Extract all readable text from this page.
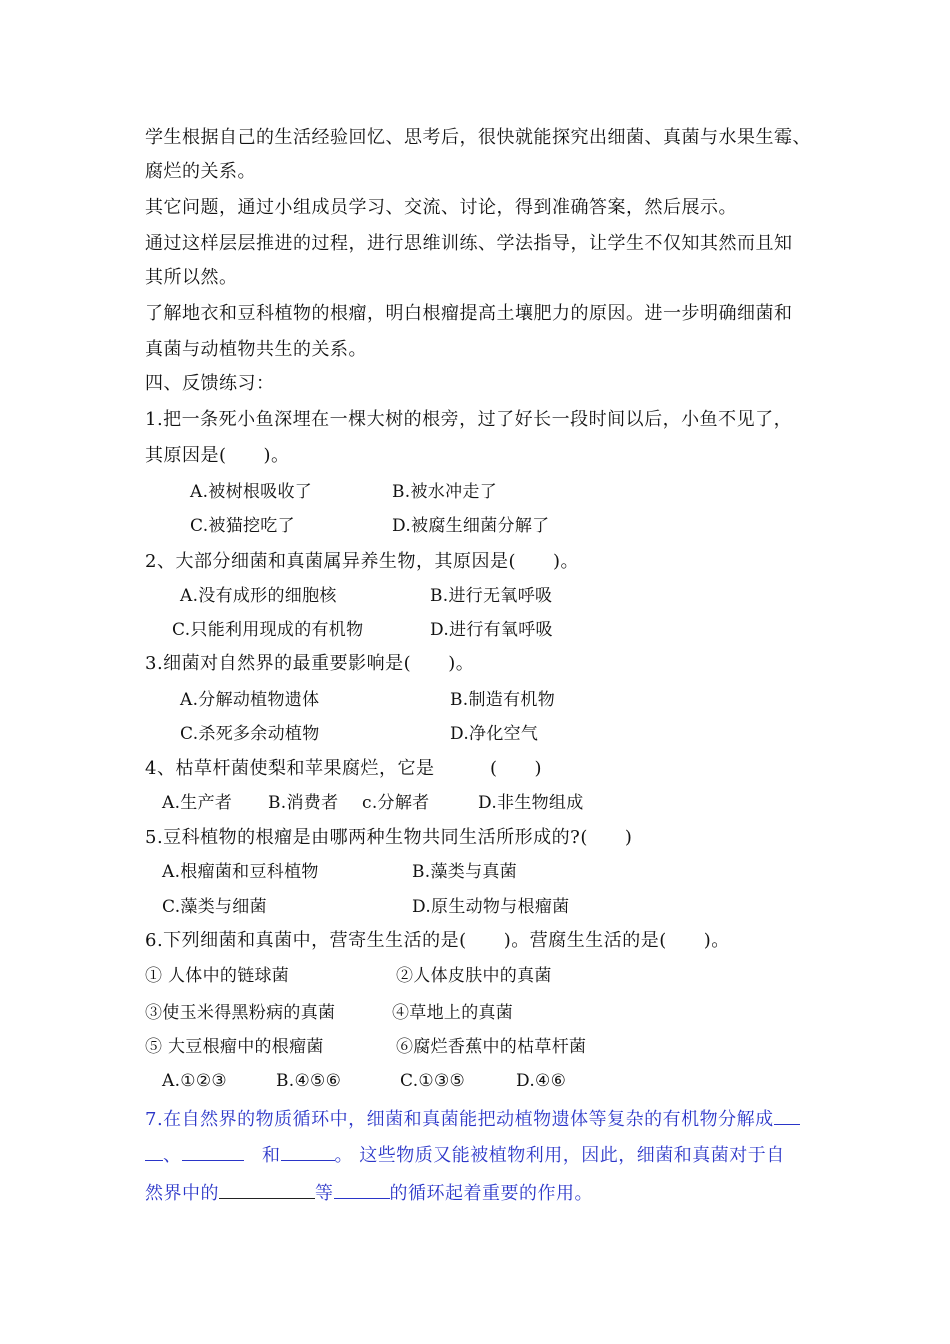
学生根据自己的生活经验回忆、思考后，很快就能探究出细菌、真菌与水果生霉、
腐烂的关系。
其它问题，通过小组成员学习、交流、讨论，得到准确答案，然后展示。
通过这样层层推进的过程，进行思维训练、学法指导，让学生不仅知其然而且知
其所以然。
了解地衣和豆科植物的根瘤，明白根瘤提高土壤肥力的原因。进一步明确细菌和
真菌与动植物共生的关系。
四、反馈练习：
1.把一条死小鱼深埋在一棵大树的根旁，过了好长一段时间以后，小鱼不见了，
其原因是(　　)。
A.被树根吸收了	B.被水冲走了
C.被猫挖吃了	D.被腐生细菌分解了
2、大部分细菌和真菌属异养生物，其原因是(　　)。
A.没有成形的细胞核	B.进行无氧呼吸
C.只能利用现成的有机物	D.进行有氧呼吸
3.细菌对自然界的最重要影响是(　　)。
A.分解动植物遗体	B.制造有机物
C.杀死多余动植物	D.净化空气
4、枯草杆菌使梨和苹果腐烂，它是　　　(　　)
A.生产者 B.消费者 c.分解者	D.非生物组成
5.豆科植物的根瘤是由哪两种生物共同生活所形成的?(　　)
A.根瘤菌和豆科植物	B.藻类与真菌
C.藻类与细菌	D.原生动物与根瘤菌
6.下列细菌和真菌中，营寄生生活的是(　　)。营腐生生活的是(　　)。
① 人体中的链球菌	②人体皮肤中的真菌
③使玉米得黑粉病的真菌	④草地上的真菌
⑤ 大豆根瘤中的根瘤菌	⑥腐烂香蕉中的枯草杆菌
A.①②③	B.④⑤⑥	C.①③⑤	D.④⑥
7.在自然界的物质循环中，细菌和真菌能把动植物遗体等复杂的有机物分解成
、	　和	。 这些物质又能被植物利用，因此，细菌和真菌对于自
然界中的	等	的循环起着重要的作用。
